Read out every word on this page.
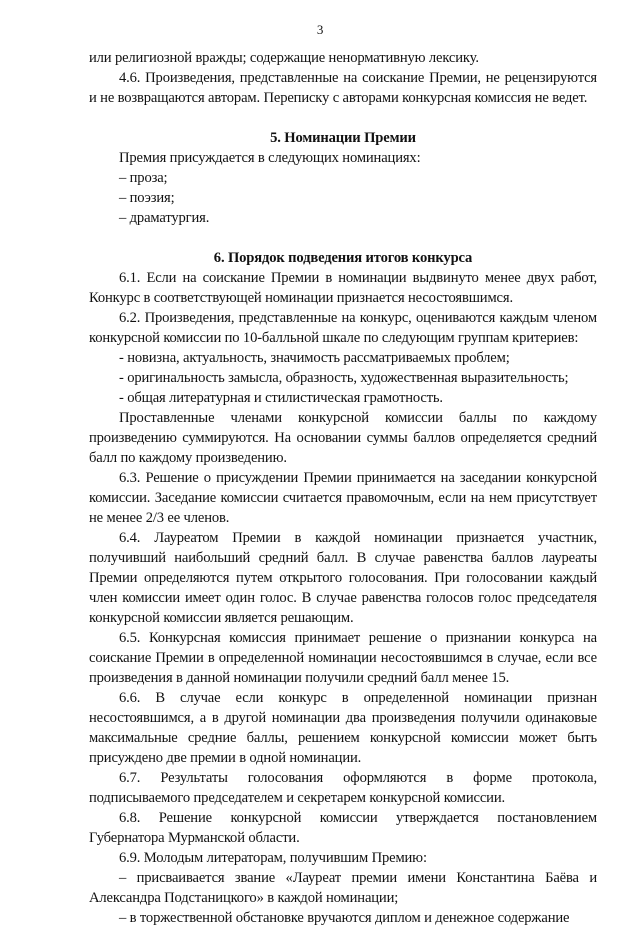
3

или религиозной вражды; содержащие ненормативную лексику.

4.6. Произведения, представленные на соискание Премии, не рецензируются и не возвращаются авторам. Переписку с авторами конкурсная комиссия не ведет.

5. Номинации Премии

Премия присуждается в следующих номинациях:

– проза;

– поэзия;

– драматургия.

6. Порядок подведения итогов конкурса

6.1. Если на соискание Премии в номинации выдвинуто менее двух работ, Конкурс в соответствующей номинации признается несостоявшимся.

6.2. Произведения, представленные на конкурс, оцениваются каждым членом конкурсной комиссии по 10-балльной шкале по следующим группам критериев:

- новизна, актуальность, значимость рассматриваемых проблем;

- оригинальность замысла, образность, художественная выразительность;

- общая литературная и стилистическая грамотность.

Проставленные членами конкурсной комиссии баллы по каждому произведению суммируются. На основании суммы баллов определяется средний балл по каждому произведению.

6.3. Решение о присуждении Премии принимается на заседании конкурсной комиссии. Заседание комиссии считается правомочным, если на нем присутствует не менее 2/3 ее членов.

6.4. Лауреатом Премии в каждой номинации признается участник, получивший наибольший средний балл. В случае равенства баллов лауреаты Премии определяются путем открытого голосования. При голосовании каждый член комиссии имеет один голос. В случае равенства голосов голос председателя конкурсной комиссии является решающим.

6.5. Конкурсная комиссия принимает решение о признании конкурса на соискание Премии в определенной номинации несостоявшимся в случае, если все произведения в данной номинации получили средний балл менее 15.

6.6. В случае если конкурс в определенной номинации признан несостоявшимся, а в другой номинации два произведения получили одинаковые максимальные средние баллы, решением конкурсной комиссии может быть присуждено две премии в одной номинации.

6.7. Результаты голосования оформляются в форме протокола, подписываемого председателем и секретарем конкурсной комиссии.

6.8. Решение конкурсной комиссии утверждается постановлением Губернатора Мурманской области.

6.9. Молодым литераторам, получившим Премию:

– присваивается звание «Лауреат премии имени Константина Баёва и Александра Подстаницкого» в каждой номинации;

– в торжественной обстановке вручаются диплом и денежное содержание
